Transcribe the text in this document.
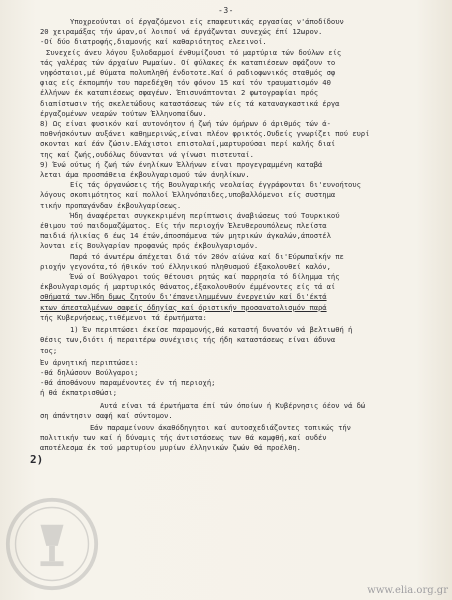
-3-
Υποχρεούνται οί έργαζόμενοι είς επαφευτικάς εργασίας ν'άποδίδουν
20 χειραμάξας τήν ώραν,οί λοιποί νά έργάζωνται συνεχώς έπί 12ωρον.
-Οί δύο διατροφής,διαμονής καί καθαριότητος ελεεινοί.
Συνεχείς άνευ λόγου ξυλοδαρμοί ένθυμίζουσι τό μαρτύρια τών δούλων είς
τάς γαλέρας τών άρχαίων Ρωμαίων. Οί φύλακες έκ καταπιέσεων σφάζουν το
νηφόσταιοι,μέ θύματα πολυπληθή ένδοτοτε.Καί ό ραδιοφωνικός σταθμός σφ
φιας είς έκπομπήν του παρεδέχθη τόν φόνον 15 καί τόν τραυματισμόν 40
έλλήνων έκ καταπιέσεως σφαγέων. Έπισυνάπτονται 2 φωτογραφίαι πρός
διαπίστωσιν τής σκελετώδους καταστάσεως τών είς τά καταναγκαστικά έργα
έργαζομένων νεαρών τούτων Έλληνοπαίδων.
8) Ως είναι φυσικόν καί αυτονόητον ή ζωή τών όμήρων ό άριθμός τών ά-
ποθνήσκόντων αυξάνει καθημερινώς,είναι πλέον φρικτός.Ουδείς γνωρίζει πού ευρί
σκονται καί έάν ζώσιν.Ελάχιστοι επιστολαί,μαρτυρούσαι περί καλής διαί
της καί ζωής,ουδόλως δύνανται νά γίνωσι πιστευταί.
9) Ένώ ούτως ή ζωή τών ένηλίκων Έλλήνων είναι προγεγραμμένη καταβά
λεται άμα προσπάθεια έκβουλγαρισμού τών άνηλίκων.
Είς τάς όργανώσεις τής Βουλγαρικής νεολαίας έγγράφονται δι'ευνοήτους
λόγους σκοπιμότητος καί πολλοί Έλληνόπαιδες,υποβαλλόμενοι είς συστημα
τικήν προπαγάνδαν έκβουλγαρίσεως.
Ήδη άναφέρεται συγκεκριμένη περίπτωσις άναβιώσεως τού Τουρκικού
έθιμου τού παιδομαζώματος. Είς τήν περιοχήν Έλευθερουπόλεως πλείστα
παιδιά ήλικίας 6 έως 14 έτών,άποσπάμενα τών μητρικών άγκαλών,άποστέλ
λονται είς Βουλγαρίαν προφανώς πρός έκβουλγαρισμόν.
Παρά τό άνωτέρω άπέχεται διά τόν 20όν αίώνα καί δι'Εύρωπαϊκήν πε
ριοχήν γεγονότα,τό ήθικόν τού έλληνικού πληθυσμού έξακολουθεί καλόν,
Ένώ οί Βούλγαροι τούς θέτουσι ρητώς καί παρρησία τό δίλημμα τής
έκβουλγαρισμός ή μαρτυρικός θάνατος,έξακολουθούν έμμένοντες είς τά αί
σθήματά των.Ήδη δμως ζητούν δι'έπανειλημμένων ένεργειών καί δι'έκτά
κτων άπεσταλμένων σαφείς όδηγίας καί όριστικήν προσανατολισμόν παρά
τής Κυβερνήσεως,τιθέμενοι τά έρωτήματα:
1) Έν περιπτώσει έκείσε παραμονής,θά καταστή δυνατόν νά βελτιωθή ή
θέσις των,διότι ή περαιτέρω συνέχισις τής ήδη καταστάσεως είναι άδυνα
τος;
Έν άρνητική περιπτώσει:
-θά δηλώσουν Βούλγαροι;
-θά άποθάνουν παραμένοντες έν τή περιοχή;
ή θά έκπατρισθώσι;
Αυτά είναι τά έρωτήματα έπί τών όποίων ή Κυβέρνησις όέον νά δώ
ση άπάντησιν σαφή καί σύντομον.
Εάν παραμείνουν άκαθόδηγητοι καί αυτοσχεδιάζοντες τοπικώς τήν
πολιτικήν των καί ή δύναμις τής άντιστάσεως των θά καμφθή,καί ουδέν
αποτέλεσμα έκ τού μαρτυρίου μυρίων έλληνικών ζωών θά προέλθη.
2)
www.elia.org.gr
